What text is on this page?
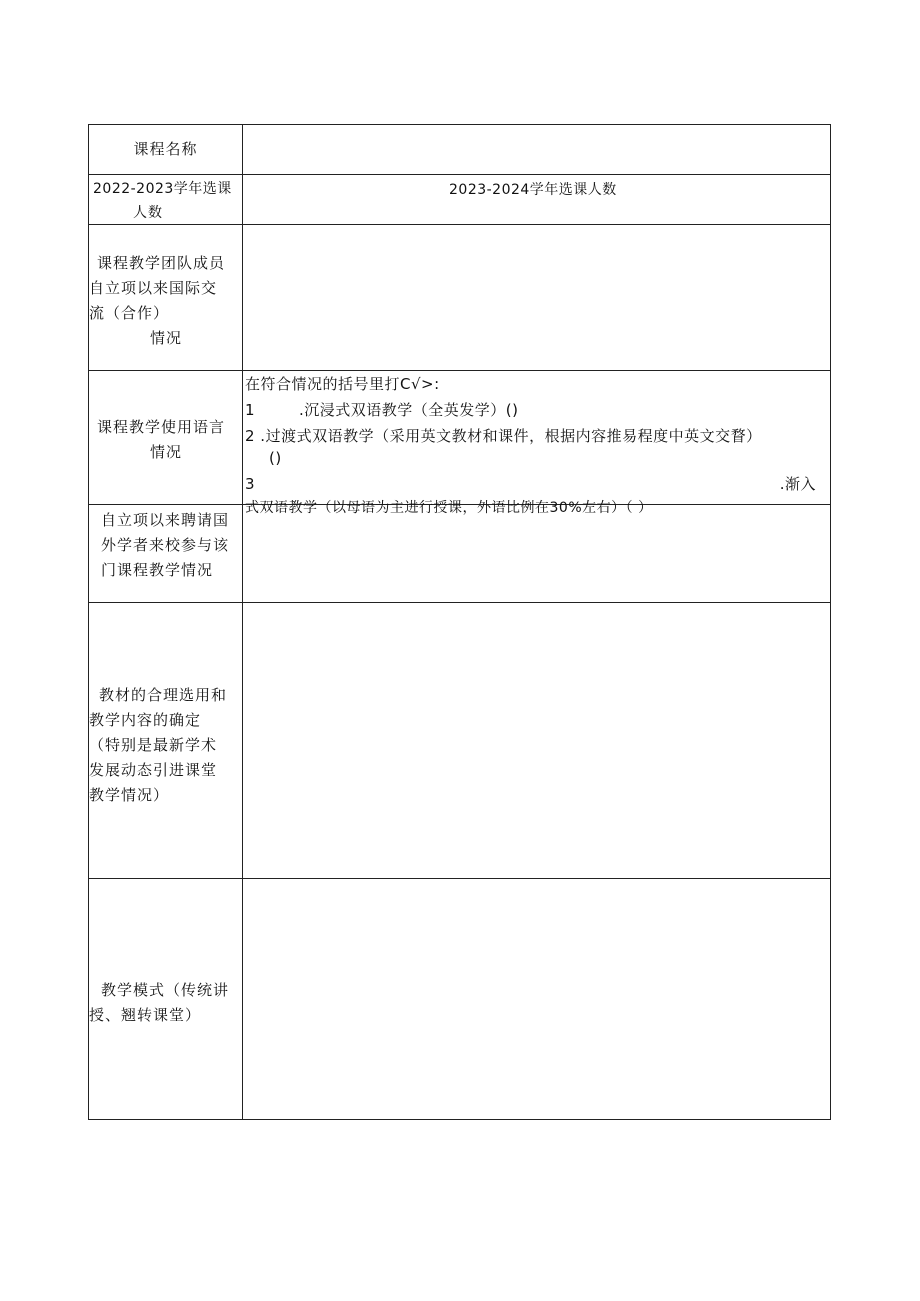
课程名称
2022-2023学年选课
人数
2023-2024学年选课人数
课程教学团队成员
自立项以来国际交
流（合作）
情况
课程教学使用语言
情况
在符合情况的括号里打C√>:
1	.沉浸式双语教学（全英发学）()
2 .过渡式双语教学（采用英文教材和课件，根据内容推易程度中英文交瞀）
()
3	.渐入
式双语教学（以母语为主进行授课，外语比例在30%左右）（ ）
自立项以来聘请国
外学者来校参与该
门课程教学情况
教材的合理选用和
教学内容的确定
（特别是最新学术
发展动态引进课堂
教学情况）
教学模式（传统讲
授、翘转课堂）
